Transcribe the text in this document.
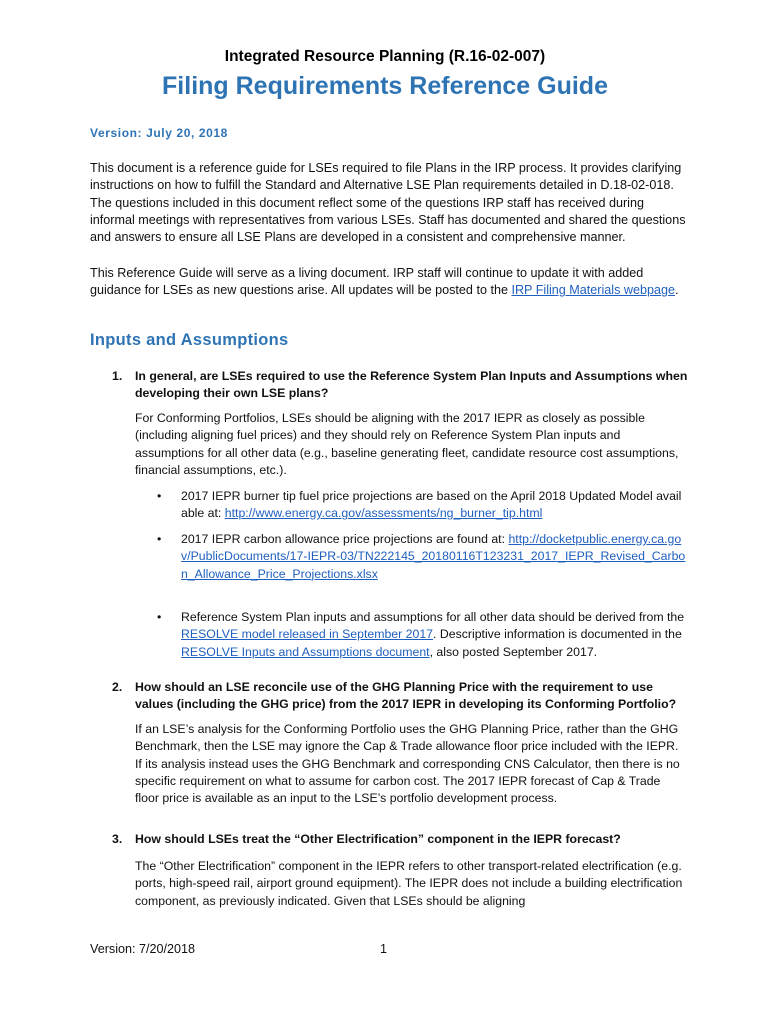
Integrated Resource Planning (R.16-02-007)
Filing Requirements Reference Guide
Version: July 20, 2018
This document is a reference guide for LSEs required to file Plans in the IRP process. It provides clarifying instructions on how to fulfill the Standard and Alternative LSE Plan requirements detailed in D.18-02-018. The questions included in this document reflect some of the questions IRP staff has received during informal meetings with representatives from various LSEs. Staff has documented and shared the questions and answers to ensure all LSE Plans are developed in a consistent and comprehensive manner.
This Reference Guide will serve as a living document. IRP staff will continue to update it with added guidance for LSEs as new questions arise. All updates will be posted to the IRP Filing Materials webpage.
Inputs and Assumptions
1.	In general, are LSEs required to use the Reference System Plan Inputs and Assumptions when developing their own LSE plans?
For Conforming Portfolios, LSEs should be aligning with the 2017 IEPR as closely as possible (including aligning fuel prices) and they should rely on Reference System Plan inputs and assumptions for all other data (e.g., baseline generating fleet, candidate resource cost assumptions, financial assumptions, etc.).
•	2017 IEPR burner tip fuel price projections are based on the April 2018 Updated Model available at: http://www.energy.ca.gov/assessments/ng_burner_tip.html
•	2017 IEPR carbon allowance price projections are found at: http://docketpublic.energy.ca.gov/PublicDocuments/17-IEPR-03/TN222145_20180116T123231_2017_IEPR_Revised_Carbon_Allowance_Price_Projections.xlsx
•	Reference System Plan inputs and assumptions for all other data should be derived from the RESOLVE model released in September 2017. Descriptive information is documented in the RESOLVE Inputs and Assumptions document, also posted September 2017.
2.	How should an LSE reconcile use of the GHG Planning Price with the requirement to use values (including the GHG price) from the 2017 IEPR in developing its Conforming Portfolio?
If an LSE’s analysis for the Conforming Portfolio uses the GHG Planning Price, rather than the GHG Benchmark, then the LSE may ignore the Cap & Trade allowance floor price included with the IEPR. If its analysis instead uses the GHG Benchmark and corresponding CNS Calculator, then there is no specific requirement on what to assume for carbon cost. The 2017 IEPR forecast of Cap & Trade floor price is available as an input to the LSE’s portfolio development process.
3.	How should LSEs treat the “Other Electrification” component in the IEPR forecast?
The “Other Electrification” component in the IEPR refers to other transport-related electrification (e.g. ports, high-speed rail, airport ground equipment). The IEPR does not include a building electrification component, as previously indicated. Given that LSEs should be aligning
Version: 7/20/2018	1
